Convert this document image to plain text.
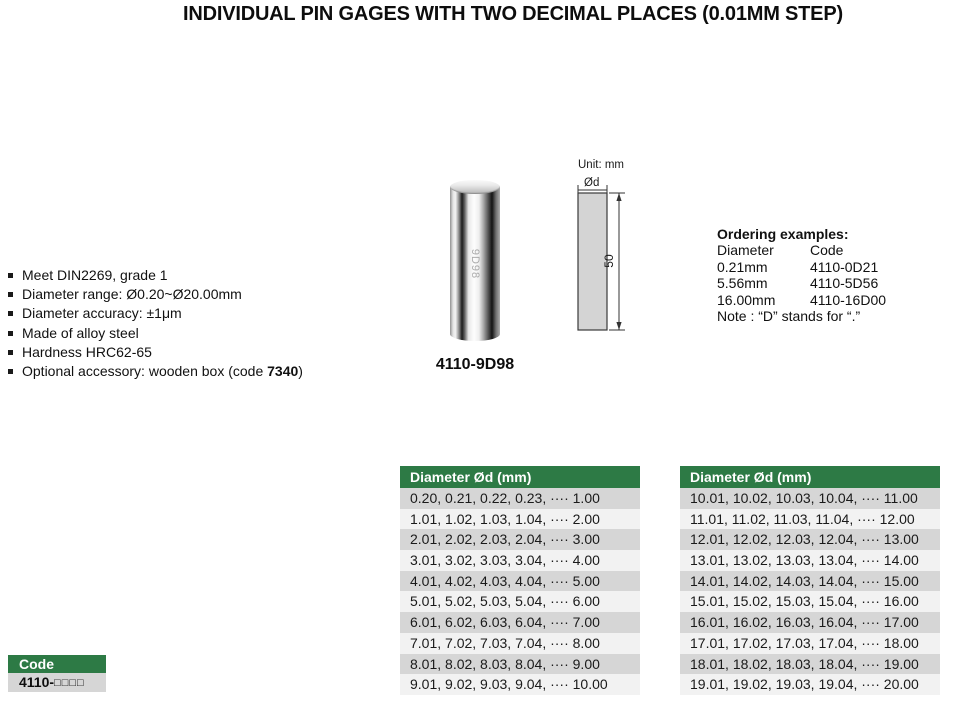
INDIVIDUAL PIN GAGES WITH TWO DECIMAL PLACES (0.01MM STEP)
Meet DIN2269, grade 1
Diameter range: Ø0.20~Ø20.00mm
Diameter accuracy: ±1μm
Made of alloy steel
Hardness HRC62-65
Optional accessory: wooden box (code 7340)
9D98
4110-9D98
Unit: mm
Ød
50
Ordering examples:
Diameter	Code
0.21mm	4110-0D21
5.56mm	4110-5D56
16.00mm	4110-16D00
Note : “D” stands for “.”
Diameter Ød (mm)
0.20, 0.21, 0.22, 0.23, ···· 1.00
1.01, 1.02, 1.03, 1.04, ···· 2.00
2.01, 2.02, 2.03, 2.04, ···· 3.00
3.01, 3.02, 3.03, 3.04, ···· 4.00
4.01, 4.02, 4.03, 4.04, ···· 5.00
5.01, 5.02, 5.03, 5.04, ···· 6.00
6.01, 6.02, 6.03, 6.04, ···· 7.00
7.01, 7.02, 7.03, 7.04, ···· 8.00
8.01, 8.02, 8.03, 8.04, ···· 9.00
9.01, 9.02, 9.03, 9.04, ···· 10.00
Diameter Ød (mm)
10.01, 10.02, 10.03, 10.04, ···· 11.00
11.01, 11.02, 11.03, 11.04, ···· 12.00
12.01, 12.02, 12.03, 12.04, ···· 13.00
13.01, 13.02, 13.03, 13.04, ···· 14.00
14.01, 14.02, 14.03, 14.04, ···· 15.00
15.01, 15.02, 15.03, 15.04, ···· 16.00
16.01, 16.02, 16.03, 16.04, ···· 17.00
17.01, 17.02, 17.03, 17.04, ···· 18.00
18.01, 18.02, 18.03, 18.04, ···· 19.00
19.01, 19.02, 19.03, 19.04, ···· 20.00
Code
4110-□□□□
